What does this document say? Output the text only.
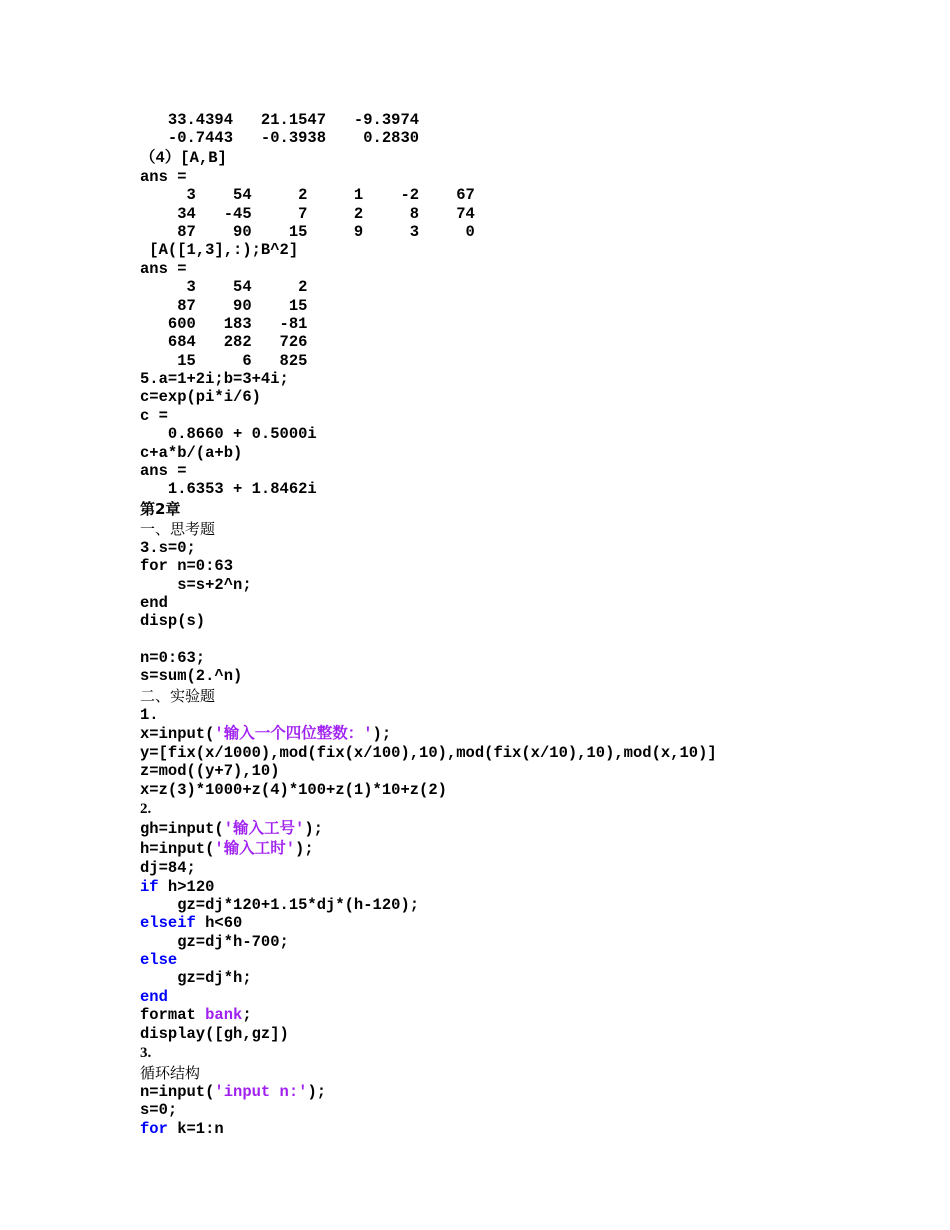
33.4394   21.1547   -9.3974
-0.7443   -0.3938    0.2830
（4）[A,B]
ans =
3    54     2     1    -2    67
34   -45     7     2     8    74
87    90    15     9     3     0
[A([1,3],:);B^2]
ans =
3    54     2
87    90    15
600   183   -81
684   282   726
15     6   825
5.a=1+2i;b=3+4i;
c=exp(pi*i/6)
c =
0.8660 + 0.5000i
c+a*b/(a+b)
ans =
1.6353 + 1.8462i
第2章
一、思考题
3.s=0;
for n=0:63
s=s+2^n;
end
disp(s)
n=0:63;
s=sum(2.^n)
二、实验题
1.
x=input('输入一个四位整数：');
y=[fix(x/1000),mod(fix(x/100),10),mod(fix(x/10),10),mod(x,10)]
z=mod((y+7),10)
x=z(3)*1000+z(4)*100+z(1)*10+z(2)
2.
gh=input('输入工号');
h=input('输入工时');
dj=84;
if h>120
gz=dj*120+1.15*dj*(h-120);
elseif h<60
gz=dj*h-700;
else
gz=dj*h;
end
format bank;
display([gh,gz])
3.
循环结构
n=input('input n:');
s=0;
for k=1:n
